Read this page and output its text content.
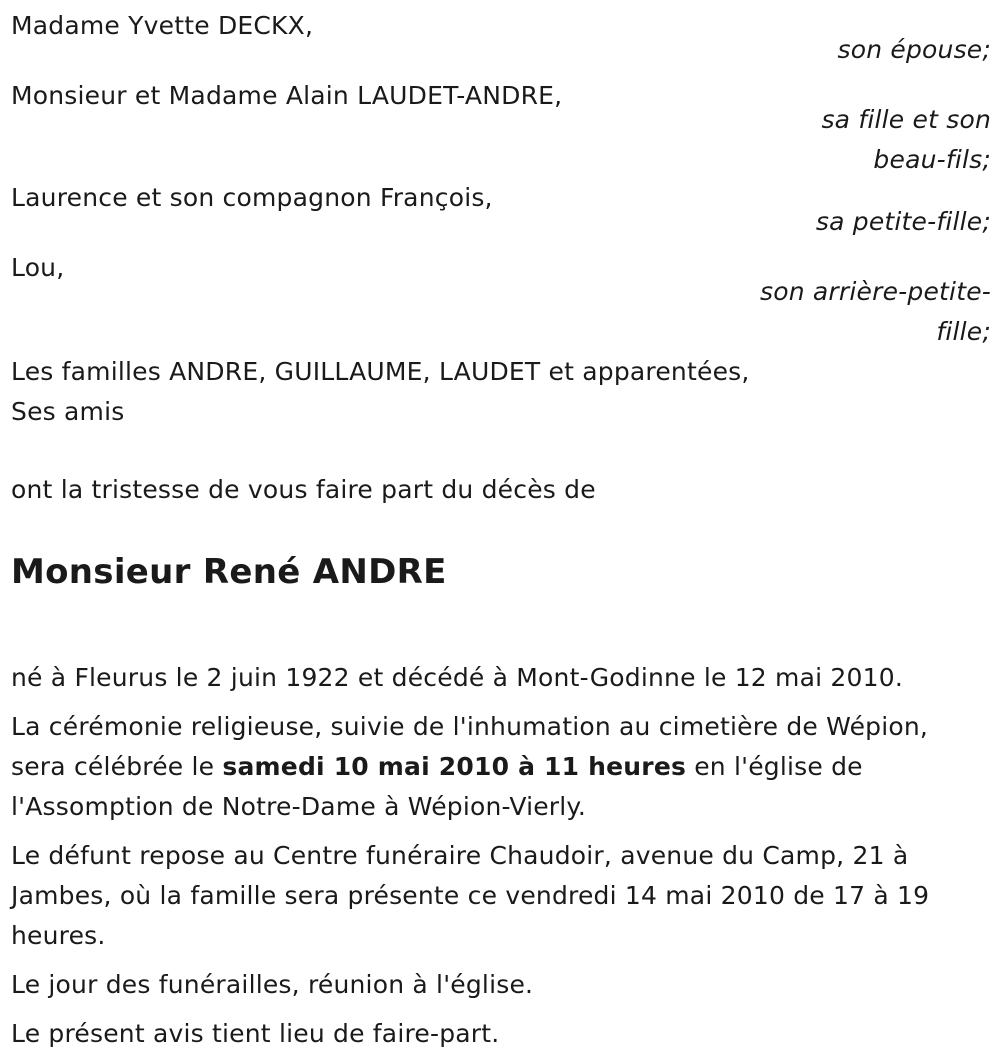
Madame Yvette DECKX,
son épouse;
Monsieur et Madame Alain LAUDET-ANDRE,
sa fille et son
beau-fils;
Laurence et son compagnon François,
sa petite-fille;
Lou,
son arrière-petite-
fille;
Les familles ANDRE, GUILLAUME, LAUDET et apparentées,
Ses amis
ont la tristesse de vous faire part du décès de
Monsieur René ANDRE

né à Fleurus le 2 juin 1922 et décédé à Mont-Godinne le 12 mai 2010.

La cérémonie religieuse, suivie de l'inhumation au cimetière de Wépion, sera célébrée le samedi 10 mai 2010 à 11 heures en l'église de l'Assomption de Notre-Dame à Wépion-Vierly.

Le défunt repose au Centre funéraire Chaudoir, avenue du Camp, 21 à Jambes, où la famille sera présente ce vendredi 14 mai 2010 de 17 à 19 heures.

Le jour des funérailles, réunion à l'église.

Le présent avis tient lieu de faire-part.
